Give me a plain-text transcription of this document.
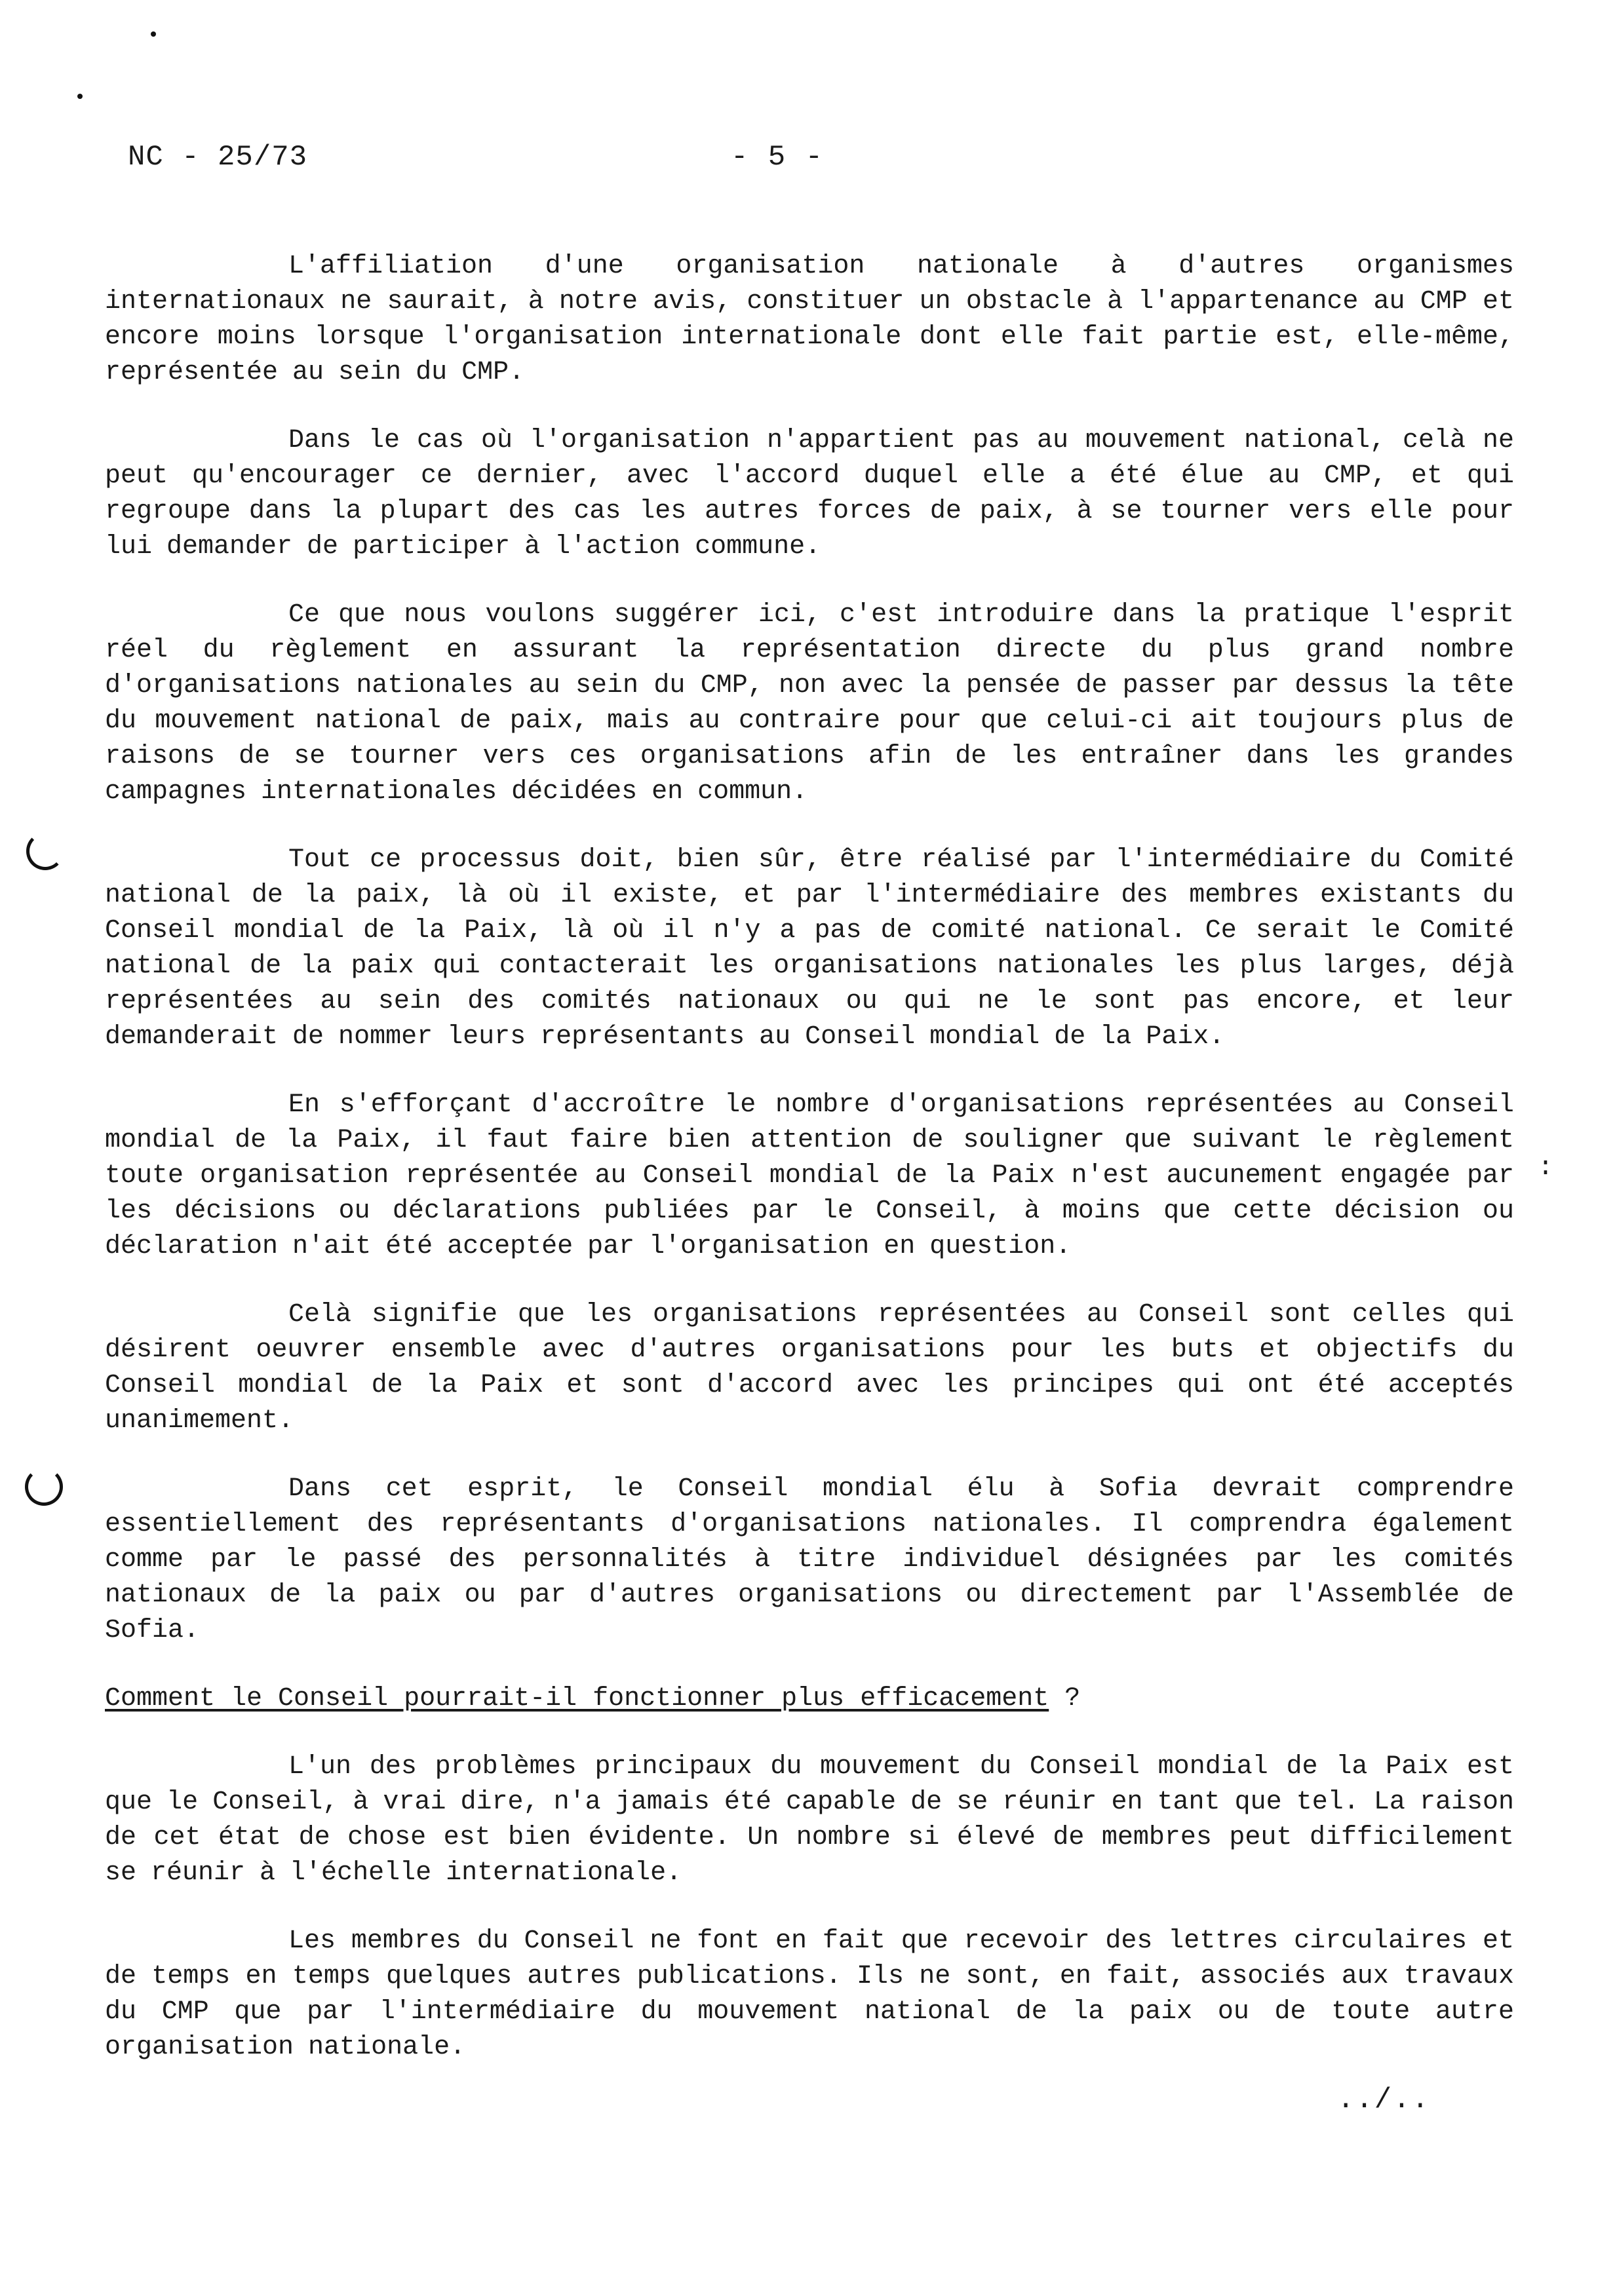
NC - 25/73	- 5 -
:

L'affiliation d'une organisation nationale à d'autres organismes internationaux ne saurait, à notre avis, constituer un obstacle à l'appartenance au CMP et encore moins lorsque l'organisation internationale dont elle fait partie est, elle-même, représentée au sein du CMP.

Dans le cas où l'organisation n'appartient pas au mouvement national, celà ne peut qu'encourager ce dernier, avec l'accord duquel elle a été élue au CMP, et qui regroupe dans la plupart des cas les autres forces de paix, à se tourner vers elle pour lui demander de participer à l'action commune.

Ce que nous voulons suggérer ici, c'est introduire dans la pratique l'esprit réel du règlement en assurant la représentation directe du plus grand nombre d'organisations nationales au sein du CMP, non avec la pensée de passer par dessus la tête du mouvement national de paix, mais au contraire pour que celui-ci ait toujours plus de raisons de se tourner vers ces organisations afin de les entraîner dans les grandes campagnes internationales décidées en commun.

Tout ce processus doit, bien sûr, être réalisé par l'intermédiaire du Comité national de la paix, là où il existe, et par l'intermédiaire des membres existants du Conseil mondial de la Paix, là où il n'y a pas de comité national. Ce serait le Comité national de la paix qui contacterait les organisations nationales les plus larges, déjà représentées au sein des comités nationaux ou qui ne le sont pas encore, et leur demanderait de nommer leurs représentants au Conseil mondial de la Paix.

En s'efforçant d'accroître le nombre d'organisations représentées au Conseil mondial de la Paix, il faut faire bien attention de souligner que suivant le règlement toute organisation représentée au Conseil mondial de la Paix n'est aucunement engagée par les décisions ou déclarations publiées par le Conseil, à moins que cette décision ou déclaration n'ait été acceptée par l'organisation en question.

Celà signifie que les organisations représentées au Conseil sont celles qui désirent oeuvrer ensemble avec d'autres organisations pour les buts et objectifs du Conseil mondial de la Paix et sont d'accord avec les principes qui ont été acceptés unanimement.

Dans cet esprit, le Conseil mondial élu à Sofia devrait comprendre essentiellement des représentants d'organisations nationales. Il comprendra également comme par le passé des personnalités à titre individuel désignées par les comités nationaux de la paix ou par d'autres organisations ou directement par l'Assemblée de Sofia.

Comment le Conseil pourrait-il fonctionner plus efficacement ?

L'un des problèmes principaux du mouvement du Conseil mondial de la Paix est que le Conseil, à vrai dire, n'a jamais été capable de se réunir en tant que tel. La raison de cet état de chose est bien évidente. Un nombre si élevé de membres peut difficilement se réunir à l'échelle internationale.

Les membres du Conseil ne font en fait que recevoir des lettres circulaires et de temps en temps quelques autres publications. Ils ne sont, en fait, associés aux travaux du CMP que par l'intermédiaire du mouvement national de la paix ou de toute autre organisation nationale.

../..
